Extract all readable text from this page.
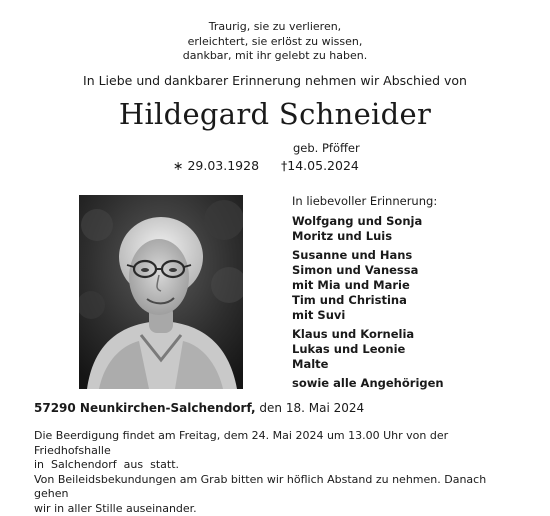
Traurig, sie zu verlieren,
erleichtert, sie erlöst zu wissen,
dankbar, mit ihr gelebt zu haben.
In Liebe und dankbarer Erinnerung nehmen wir Abschied von
Hildegard Schneider
geb. Pföffer
∗ 29.03.1928 †14.05.2024
In liebevoller Erinnerung:
Wolfgang und Sonja
Moritz und Luis
Susanne und Hans
Simon und Vanessa
mit Mia und Marie
Tim und Christina
mit Suvi
Klaus und Kornelia
Lukas und Leonie
Malte
sowie alle Angehörigen
57290 Neunkirchen-Salchendorf, den 18. Mai 2024
Die Beerdigung findet am Freitag, dem 24. Mai 2024 um 13.00 Uhr von der Friedhofshalle
in  Salchendorf  aus  statt.
Von Beileidsbekundungen am Grab bitten wir höflich Abstand zu nehmen. Danach gehen
wir in aller Stille auseinander.
